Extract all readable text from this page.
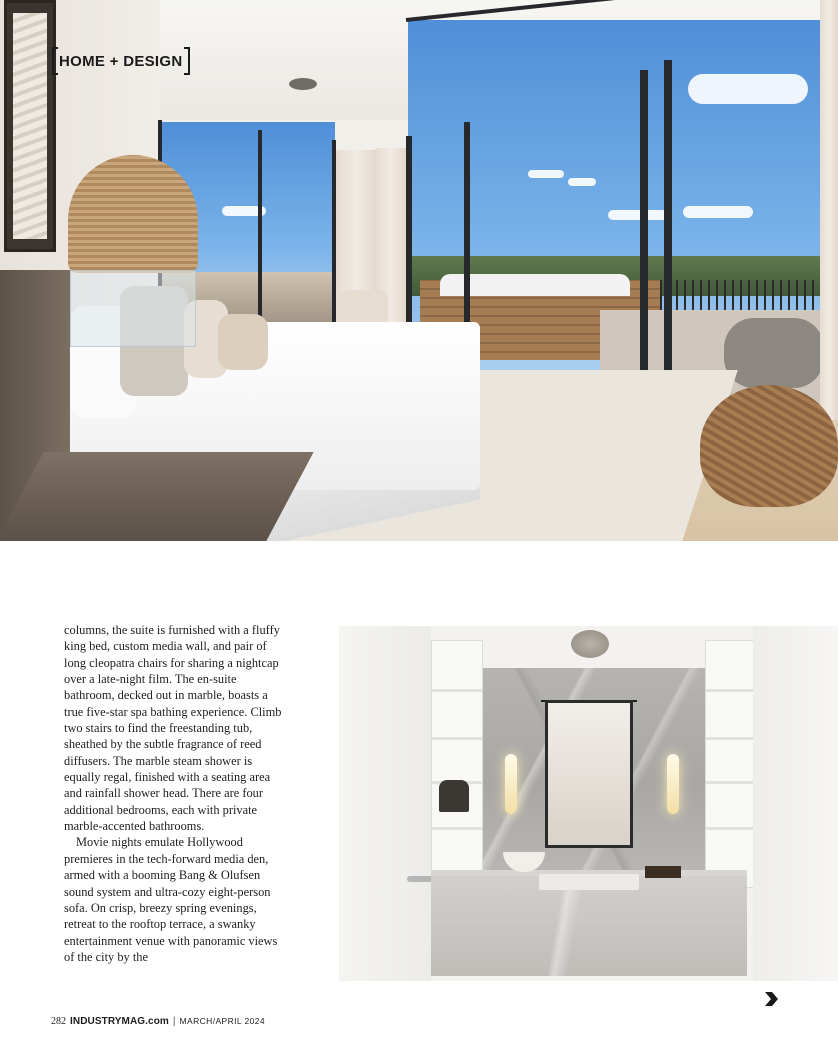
HOME + DESIGN

columns, the suite is furnished with a fluffy king bed, custom media wall, and pair of long cleopatra chairs for sharing a nightcap over a late-night film. The en-suite bathroom, decked out in marble, boasts a true five-star spa bathing experience. Climb two stairs to find the freestanding tub, sheathed by the subtle fragrance of reed diffusers. The marble steam shower is equally regal, finished with a seating area and rainfall shower head. There are four additional bedrooms, each with private marble-accented bathrooms.

Movie nights emulate Hollywood premieres in the tech-forward media den, armed with a booming Bang & Olufsen sound system and ultra-cozy eight-person sofa. On crisp, breezy spring evenings, retreat to the rooftop terrace, a swanky entertainment venue with panoramic views of the city by the

282 INDUSTRYMAG.com | MARCH/APRIL 2024
